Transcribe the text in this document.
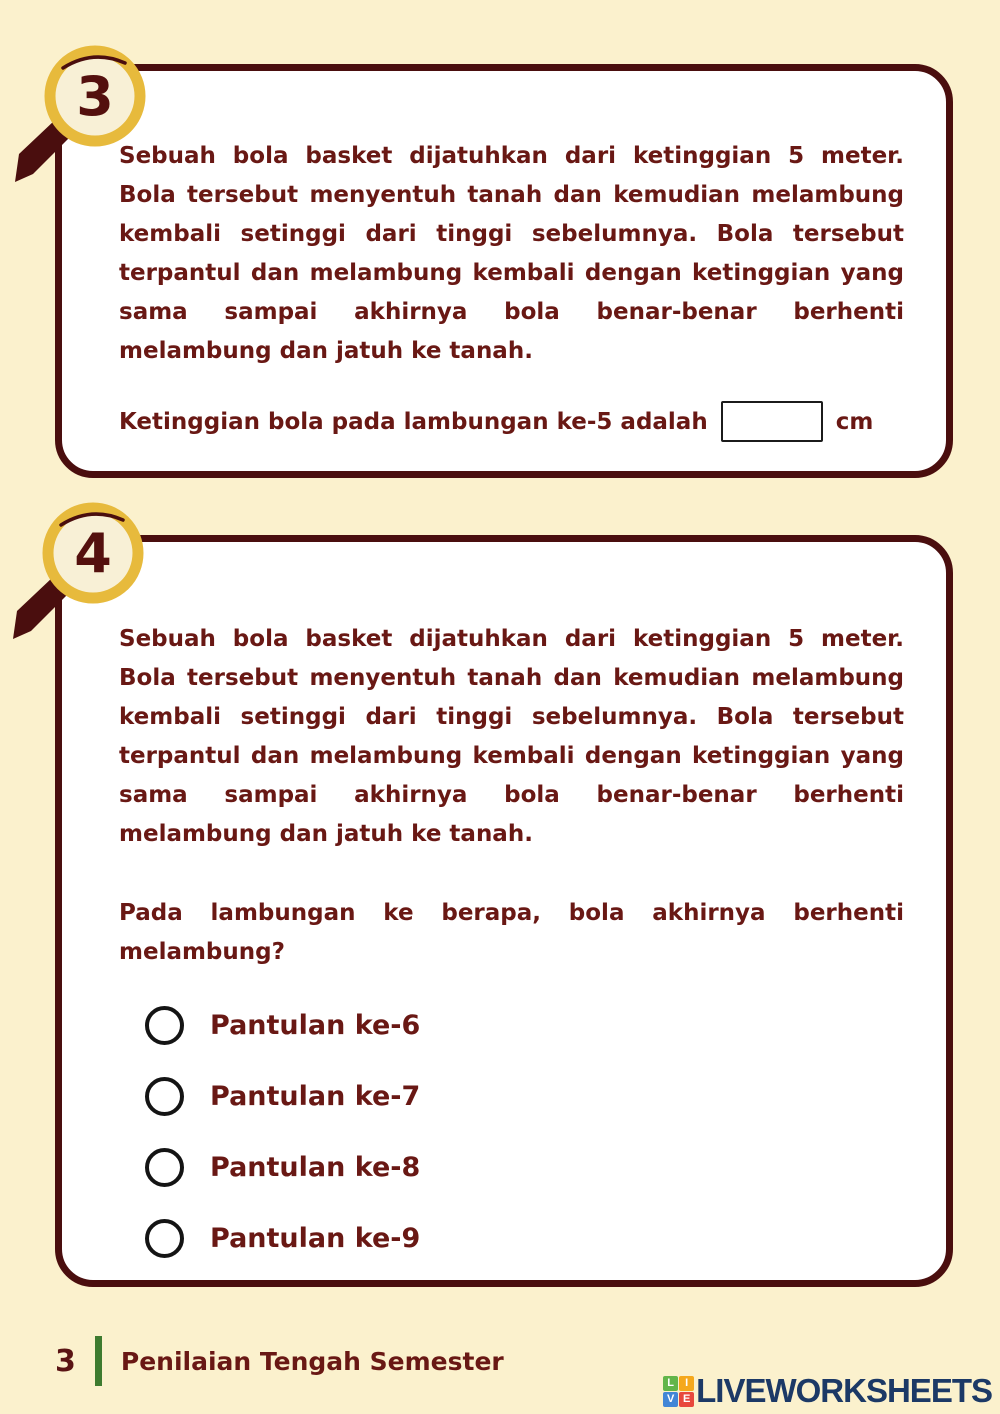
Sebuah bola basket dijatuhkan dari ketinggian 5 meter. Bola tersebut menyentuh tanah dan kemudian melambung kembali setinggi dari tinggi sebelumnya. Bola tersebut terpantul dan melambung kembali dengan ketinggian yang sama sampai akhirnya bola benar-benar berhenti melambung dan jatuh ke tanah.
Ketinggian bola pada lambungan ke-5 adalah	cm
3
Sebuah bola basket dijatuhkan dari ketinggian 5 meter. Bola tersebut menyentuh tanah dan kemudian melambung kembali setinggi dari tinggi sebelumnya. Bola tersebut terpantul dan melambung kembali dengan ketinggian yang sama sampai akhirnya bola benar-benar berhenti melambung dan jatuh ke tanah.
Pada lambungan ke berapa, bola akhirnya berhenti melambung?
Pantulan ke-6
Pantulan ke-7
Pantulan ke-8
Pantulan ke-9
4
3 Penilaian Tengah Semester
L	I
V E LIVEWORKSHEETS
